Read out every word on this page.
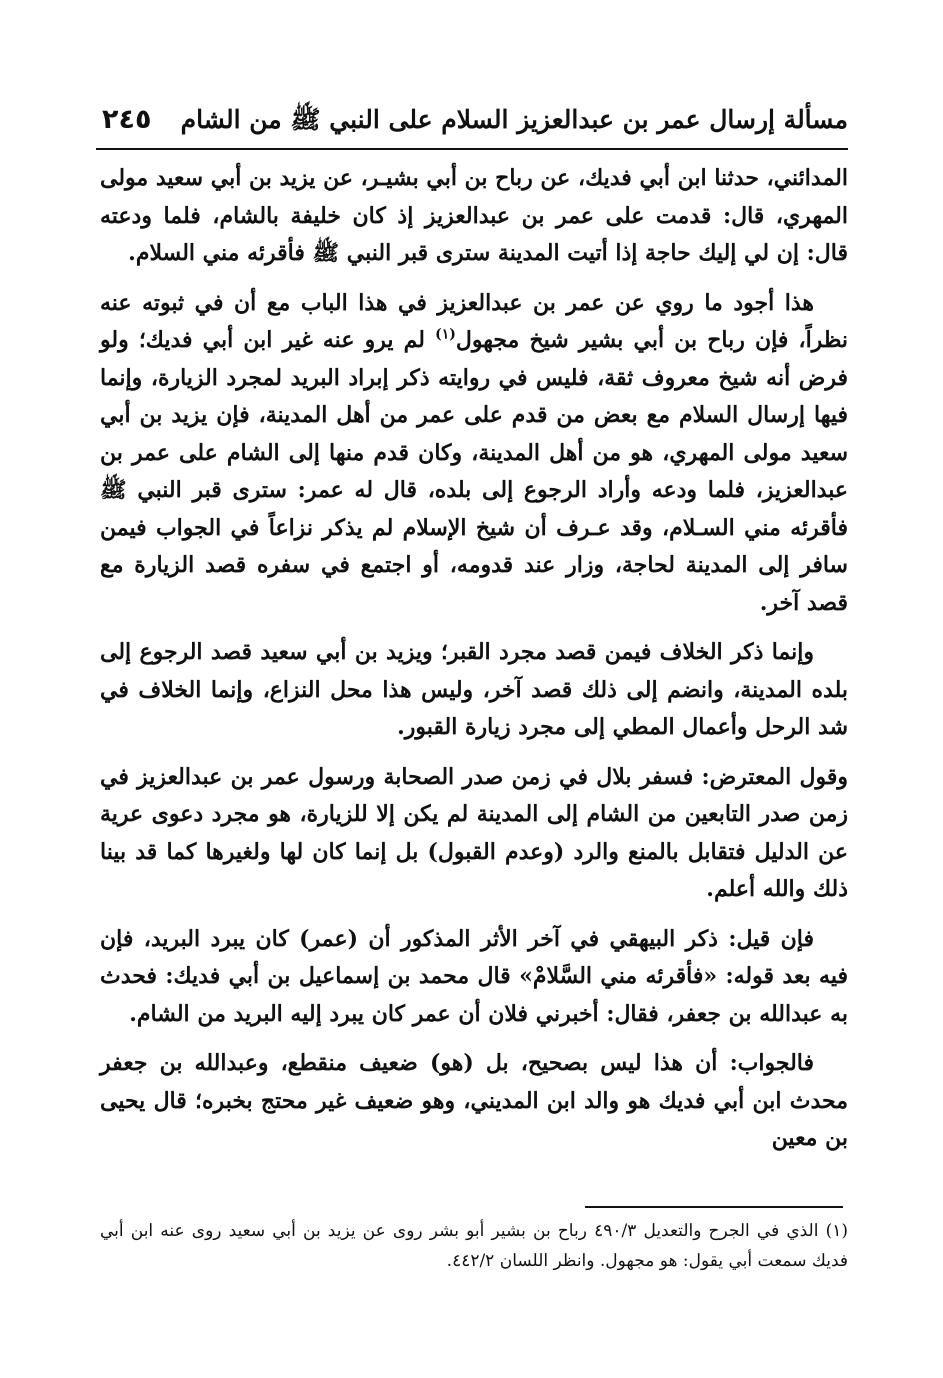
٢٤٥ مسألة إرسال عمر بن عبدالعزيز السلام على النبي ﷺ من الشام

المدائني، حدثنا ابن أبي فديك، عن رباح بن أبي بشيـر، عن يزيد بن أبي سعيد مولى المهري، قال: قدمت على عمر بن عبدالعزيز إذ كان خليفة بالشام، فلما ودعته قال: إن لي إليك حاجة إذا أتيت المدينة سترى قبر النبي ﷺ فأقرئه مني السلام.

هذا أجود ما روي عن عمر بن عبدالعزيز في هذا الباب مع أن في ثبوته عنه نظراً، فإن رباح بن أبي بشير شيخ مجهول$^{(١)}$ لم يرو عنه غير ابن أبي فديك؛ ولو فرض أنه شيخ معروف ثقة، فليس في روايته ذكر إبراد البريد لمجرد الزيارة، وإنما فيها إرسال السلام مع بعض من قدم على عمر من أهل المدينة، فإن يزيد بن أبي سعيد مولى المهري، هو من أهل المدينة، وكان قدم منها إلى الشام على عمر بن عبدالعزيز، فلما ودعه وأراد الرجوع إلى بلده، قال له عمر: سترى قبر النبي ﷺ فأقرئه مني السـلام، وقد عـرف أن شيخ الإسلام لم يذكر نزاعاً في الجواب فيمن سافر إلى المدينة لحاجة، وزار عند قدومه، أو اجتمع في سفره قصد الزيارة مع قصد آخر.

وإنما ذكر الخلاف فيمن قصد مجرد القبر؛ ويزيد بن أبي سعيد قصد الرجوع إلى بلده المدينة، وانضم إلى ذلك قصد آخر، وليس هذا محل النزاع، وإنما الخلاف في شد الرحل وأعمال المطي إلى مجرد زيارة القبور.

وقول المعترض: فسفر بلال في زمن صدر الصحابة ورسول عمر بن عبدالعزيز في زمن صدر التابعين من الشام إلى المدينة لم يكن إلا للزيارة، هو مجرد دعوى عرية عن الدليل فتقابل بالمنع والرد (وعدم القبول) بل إنما كان لها ولغيرها كما قد بينا ذلك والله أعلم.

فإن قيل: ذكر البيهقي في آخر الأثر المذكور أن (عمر) كان يبرد البريد، فإن فيه بعد قوله: «فأقرئه مني السَّلامْ» قال محمد بن إسماعيل بن أبي فديك: فحدث به عبدالله بن جعفر، فقال: أخبرني فلان أن عمر كان يبرد إليه البريد من الشام.

فالجواب: أن هذا ليس بصحيح، بل (هو) ضعيف منقطع، وعبدالله بن جعفر محدث ابن أبي فديك هو والد ابن المديني، وهو ضعيف غير محتج بخبره؛ قال يحيى بن معين

(١) الذي في الجرح والتعديل ٤٩٠/٣ رباح بن بشير أبو بشر روى عن يزيد بن أبي سعيد روى عنه ابن أبي فديك سمعت أبي يقول: هو مجهول. وانظر اللسان ٤٤٢/٢.
